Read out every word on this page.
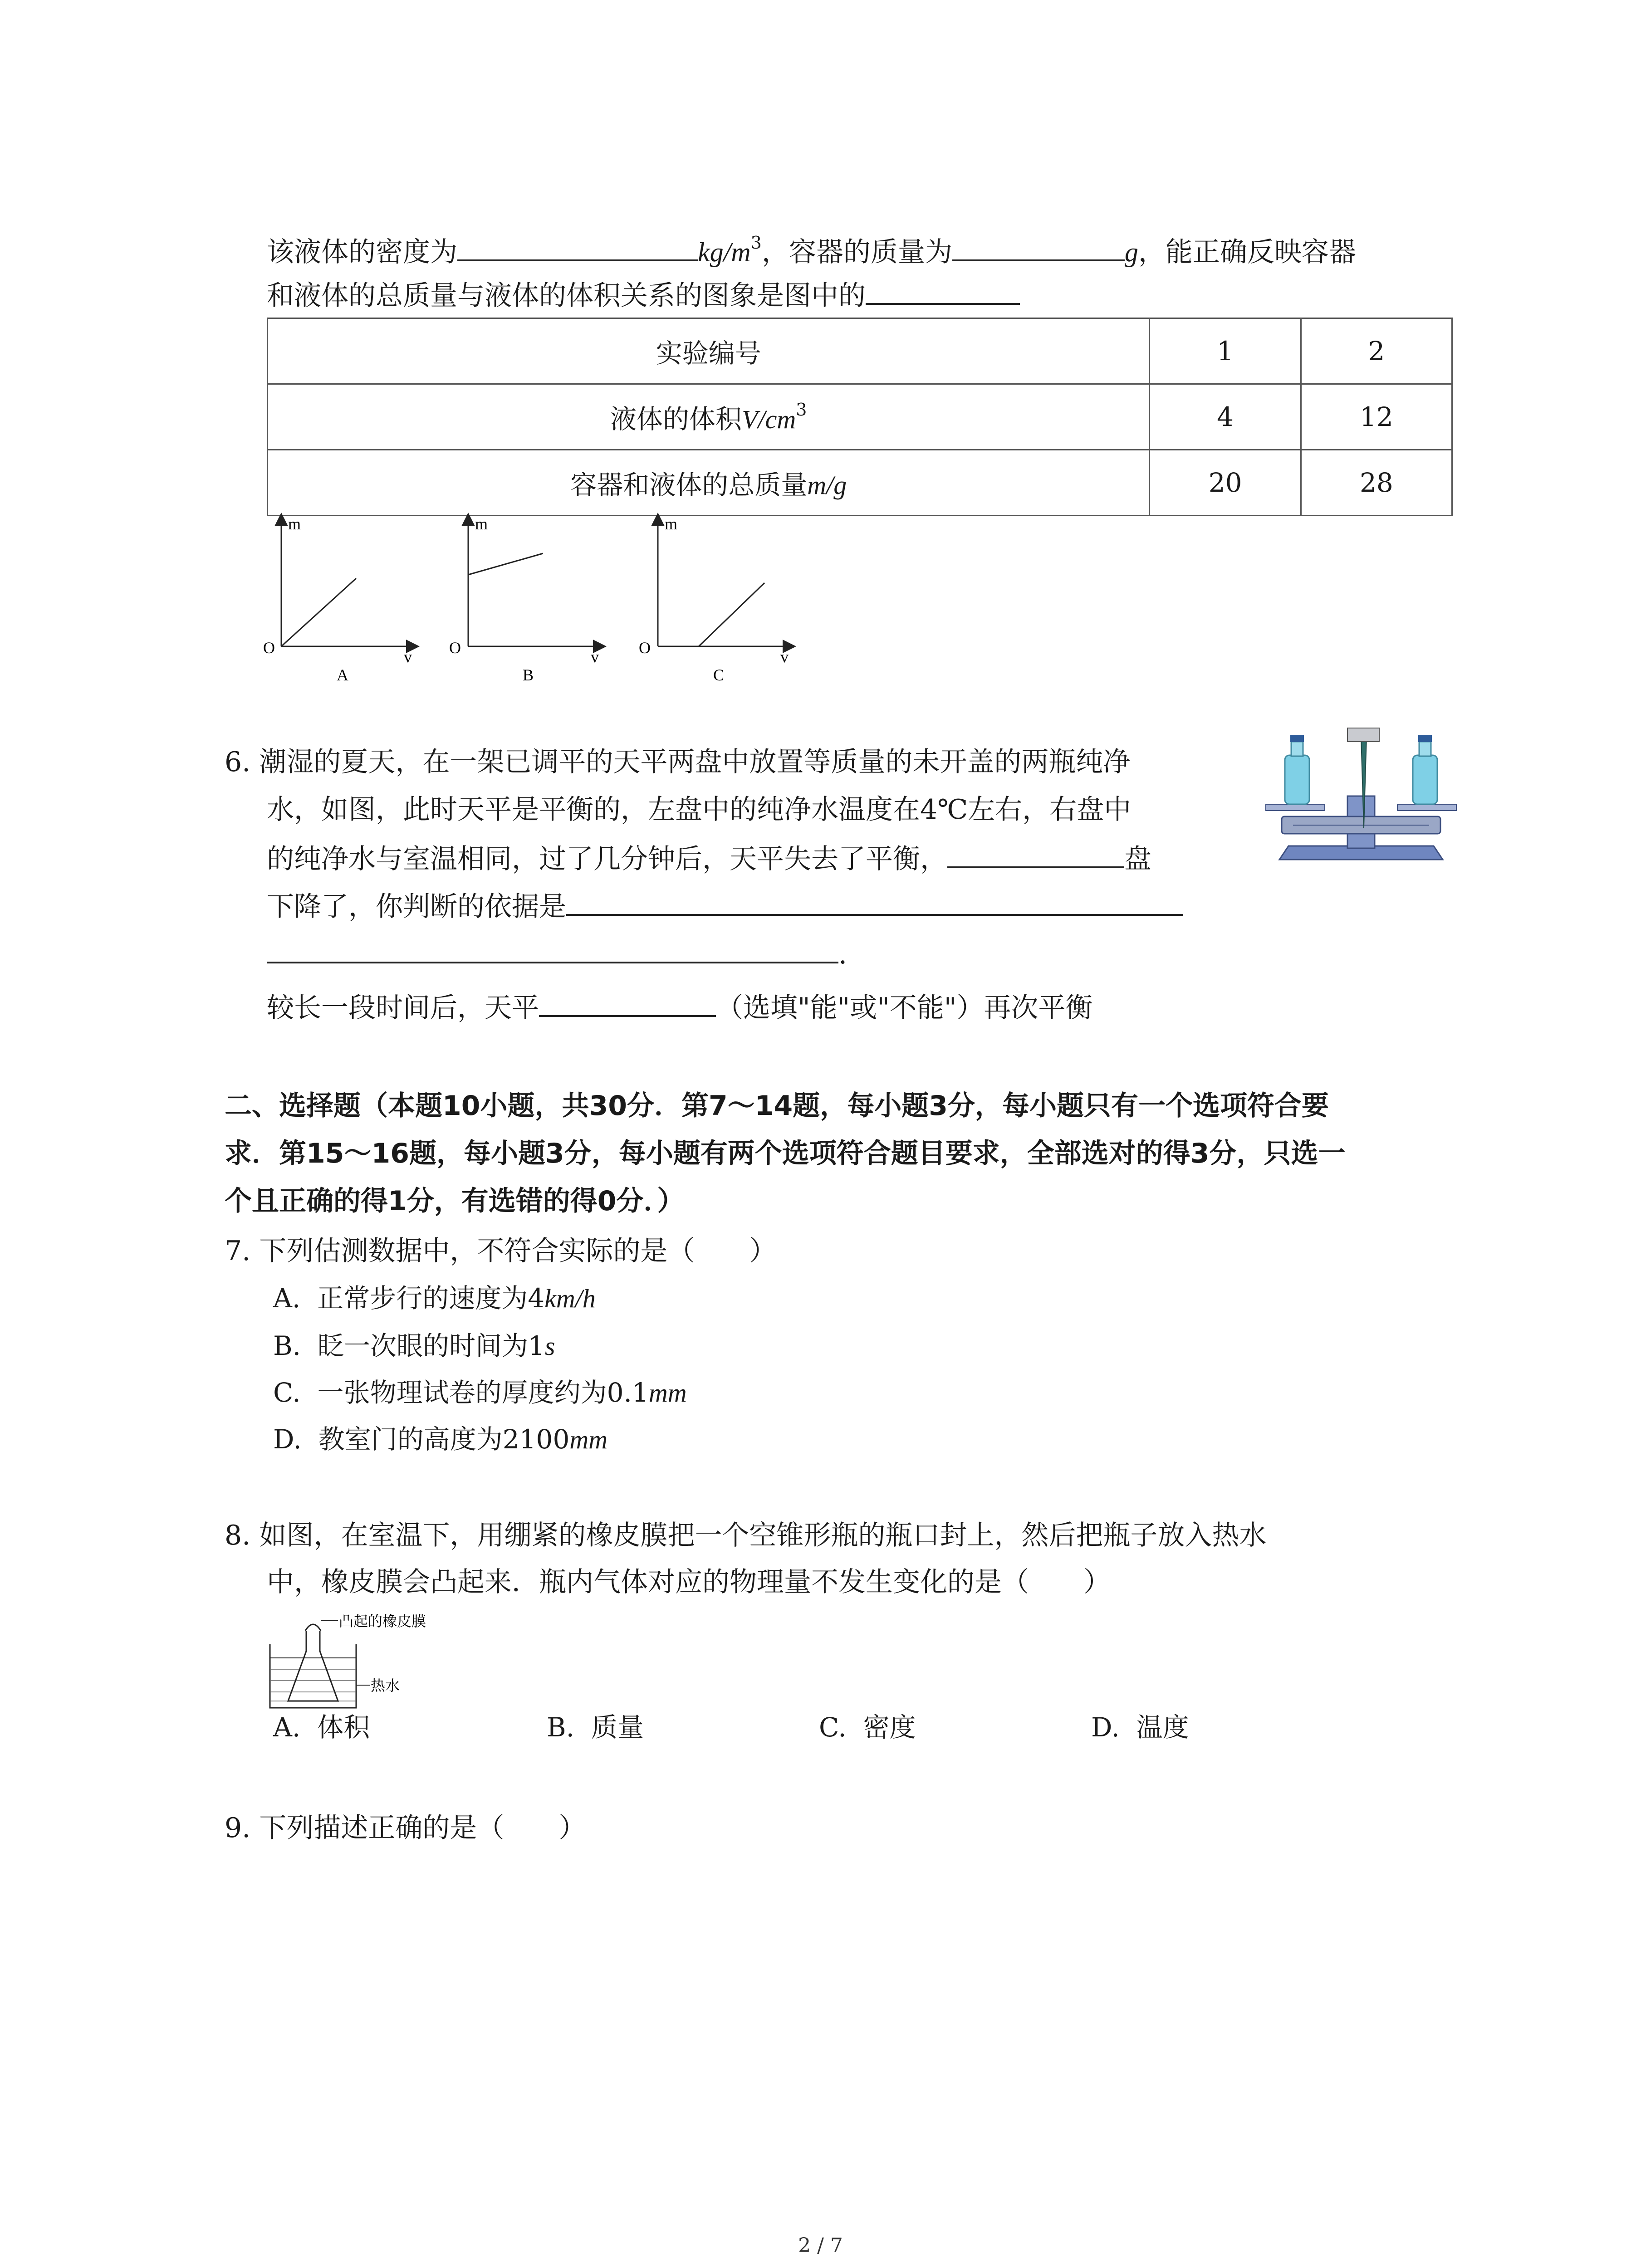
该液体的密度为	$kg/m^3$，容器的质量为	g，能正确反映容器
和液体的总质量与液体的体积关系的图象是图中的
实验编号	1	2
液体的体积$V/cm^3$	4	12
容器和液体的总质量m/g	20	28
m
O	v
A
m
O	v
B
m
O	v
C
6. 潮湿的夏天，在一架已调平的天平两盘中放置等质量的未开盖的两瓶纯净
水，如图，此时天平是平衡的，左盘中的纯净水温度在4℃左右，右盘中
的纯净水与室温相同，过了几分钟后，天平失去了平衡，	盘
下降了，你判断的依据是
.
较长一段时间后，天平	（选填"能"或"不能"）再次平衡
二、选择题（本题10小题，共30分．第7～14题，每小题3分，每小题只有一个选项符合要
求．第15～16题，每小题3分，每小题有两个选项符合题目要求，全部选对的得3分，只选一
个且正确的得1分，有选错的得0分．）
7. 下列估测数据中，不符合实际的是（　　）
A. 正常步行的速度为4km/h
B. 眨一次眼的时间为1s
C. 一张物理试卷的厚度约为0.1mm
D. 教室门的高度为2100mm
8. 如图，在室温下，用绷紧的橡皮膜把一个空锥形瓶的瓶口封上，然后把瓶子放入热水
中，橡皮膜会凸起来．瓶内气体对应的物理量不发生变化的是（　　）
凸起的橡皮膜
热水
A. 体积	B. 质量	C. 密度	D. 温度
9. 下列描述正确的是（　　）
2 / 7
